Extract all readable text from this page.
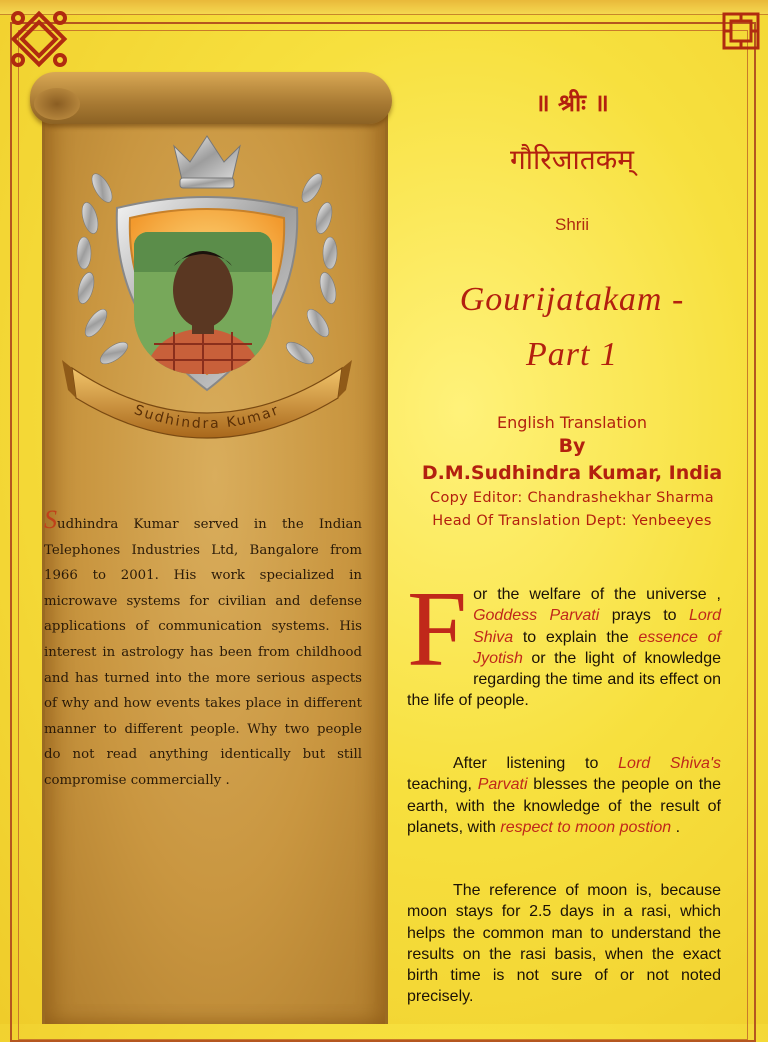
Sudhindra Kumar
Sudhindra Kumar served in the Indian Telephones Industries Ltd, Bangalore from 1966 to 2001. His work specialized in microwave systems for civilian and defense applications of communication systems. His interest in astrology has been from childhood and has turned into the more serious aspects of why and how events takes place in different manner to different people. Why two people do not read anything identically but still compromise commercially .
॥ श्रीः ॥
गौरिजातकम्
Shrii
Gourijatakam -
Part 1
English Translation
By
D.M.Sudhindra Kumar, India
Copy Editor: Chandrashekhar Sharma
Head Of Translation Dept: Yenbeeyes
For the welfare of the universe , Goddess Parvati prays to Lord Shiva to explain the essence of Jyotish or the light of knowledge regarding the time and its effect on the life of people.
After listening to Lord Shiva's teaching, Parvati blesses the people on the earth, with the knowledge of the result of planets, with respect to moon postion .
The reference of moon is, because moon stays for 2.5 days in a rasi, which helps the common man to understand the results on the rasi basis, when the exact birth time is not sure of or not noted precisely.
